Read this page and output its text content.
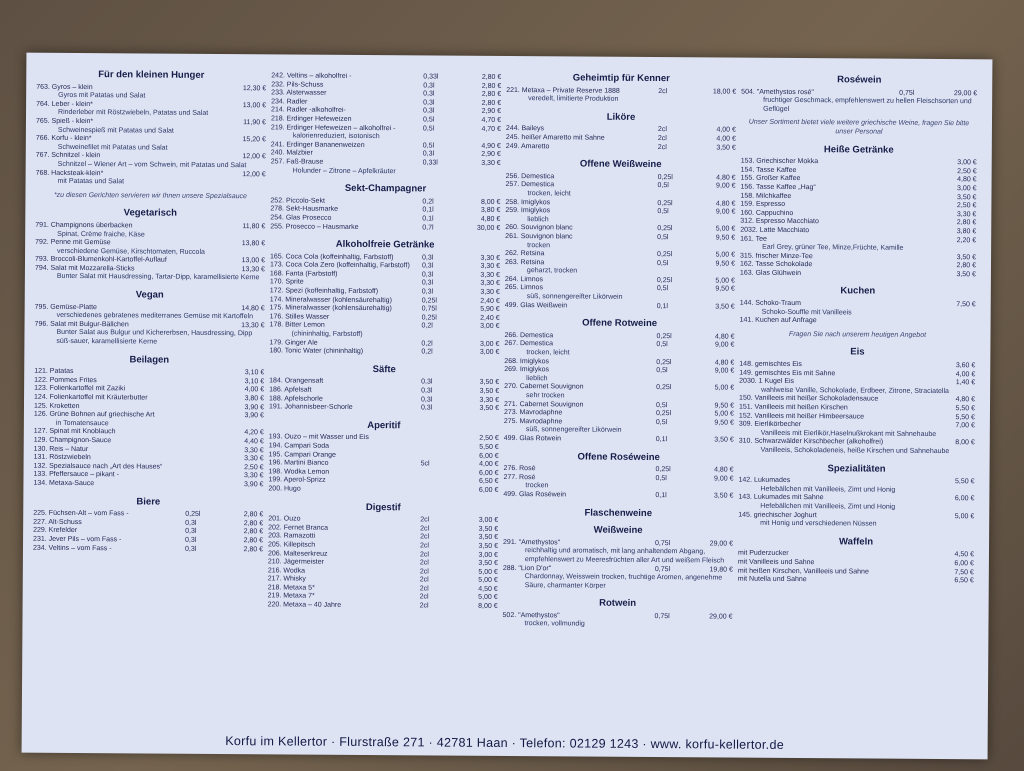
Für den kleinen Hunger
763. Gyros – klein	12,30 €
Gyros mit Patatas und Salat
764. Leber - klein*	13,00 €
Rinderleber mit Röstzwiebeln, Patatas und Salat
765. Spieß - klein*	11,90 €
Schweinespieß mit Patatas und Salat
766. Korfu - klein*	15,20 €
Schweinefilet mit Patatas und Salat
767. Schnitzel - klein	12,00 €
Schnitzel – Wiener Art – vom Schwein, mit Patatas und Salat
768. Hacksteak-klein*	12,00 €
mit Patatas und Salat
*zu diesen Gerichten servieren wir Ihnen unsere Spezialsauce
Vegetarisch
791. Champignons überbacken	11,80 €
Spinat, Crème fraiche, Käse
792. Penne mit Gemüse	13,80 €
verschiedene Gemüse, Kirschtomaten, Ruccola
793. Broccoli-Blumenkohl-Kartoffel-Auflauf	13,00 €
794. Salat mit Mozzarella-Sticks	13,30 €
Bunter Salat mit Hausdressing, Tartar-Dipp, karamellisierte Kerne
Vegan
795. Gemüse-Platte	14,80 €
verschiedenes gebratenes mediterranes Gemüse mit Kartoffeln
796. Salat mit Bulgur-Bällchen	13,30 €
Bunter Salat aus Bulgur und Kichererbsen, Hausdressing, Dipp süß-sauer, karamellisierte Kerne
Beilagen
121. Patatas	3,10 €
122. Pommes Frites	3,10 €
123. Folienkartoffel mit Zaziki	4,00 €
124. Folienkartoffel mit Kräuterbutter	3,80 €
125. Kroketten	3,90 €
126. Grüne Bohnen auf griechische Art	3,90 €
in Tomatensauce
127. Spinat mit Knoblauch	4,20 €
129. Champignon-Sauce	4,40 €
130. Reis – Natur	3,30 €
131. Röstzwiebeln	3,30 €
132. Spezialsauce nach „Art des Hauses“	2,50 €
133. Pfeffersauce – pikant -	3,30 €
134. Metaxa-Sauce	3,90 €
Biere
225. Füchsen-Alt – vom Fass -	0,25l	2,80 €
227. Alt-Schuss	0,3l	2,80 €
229. Krefelder	0,3l	2,80 €
231. Jever Pils – vom Fass -	0,3l	2,80 €
234. Veltins – vom Fass -	0,3l	2,80 €
242. Veltins – alkoholfrei -	0,33l	2,80 €
232. Pils-Schuss	0,3l	2,80 €
233. Alsterwasser	0,3l	2,80 €
234. Radler	0,3l	2,80 €
214. Radler -alkoholfrei-	0,3l	2,90 €
218. Erdinger Hefeweizen	0,5l	4,70 €
219. Erdinger Hefeweizen – alkoholfrei -	0,5l	4,70 €
kalorienreduziert, isotonisch
241. Erdinger Bananenweizen	0,5l	4,90 €
240. Malzbier	0,3l	2,90 €
257. Faß-Brause	0,33l	3,30 €
Holunder – Zitrone – Apfelkräuter
Sekt-Champagner
252. Piccolo-Sekt	0,2l	8,00 €
278. Sekt-Hausmarke	0,1l	3,80 €
254. Glas Prosecco	0,1l	4,80 €
255. Prosecco – Hausmarke	0,7l	30,00 €
Alkoholfreie Getränke
165. Coca Cola (koffeinhaltig, Farbstoff)	0,3l	3,30 €
173. Coca Cola Zero (koffeinhaltig, Farbstoff)	0,3l	3,30 €
168. Fanta (Farbstoff)	0,3l	3,30 €
170. Sprite	0,3l	3,30 €
172. Spezi (koffeinhaltig, Farbstoff)	0,3l	3,30 €
174. Mineralwasser (kohlensäurehaltig)	0,25l	2,40 €
175. Mineralwasser (kohlensäurehaltig)	0,75l	5,90 €
176. Stilles Wasser	0,25l	2,40 €
178. Bitter Lemon	0,2l	3,00 €
(chininhaltig, Farbstoff)
179. Ginger Ale	0,2l	3,00 €
180. Tonic Water (chininhaltig)	0,2l	3,00 €
Säfte
184. Orangensaft	0,3l	3,50 €
186. Apfelsaft	0,3l	3,50 €
188. Apfelschorle	0,3l	3,30 €
191. Johannisbeer-Schorle	0,3l	3,50 €
Aperitif
193. Ouzo – mit Wasser und Eis	2,50 €
194. Campari Soda	5,50 €
195. Campari Orange	6,00 €
196. Martini Bianco	5cl	4,00 €
198. Wodka Lemon	6,00 €
199. Aperol-Sprizz	6,50 €
200. Hugo	6,00 €
Digestif
201. Ouzo	2cl	3,00 €
202. Fernet Branca	2cl	3,50 €
203. Ramazotti	2cl	3,50 €
205. Killepitsch	2cl	3,50 €
206. Malteserkreuz	2cl	3,00 €
210. Jägermeister	2cl	3,50 €
216. Wodka	2cl	5,00 €
217. Whisky	2cl	5,00 €
218. Metaxa 5*	2cl	4,50 €
219. Metaxa 7*	2cl	5,00 €
220. Metaxa – 40 Jahre	2cl	8,00 €
Geheimtip für Kenner
221. Metaxa – Private Reserve 1888	2cl	18,00 €
veredelt, limitierte Produktion
Liköre
244. Baileys	2cl	4,00 €
245. heißer Amaretto mit Sahne	2cl	4,00 €
249. Amaretto	2cl	3,50 €
Offene Weißweine
256. Demestica	0,25l	4,80 €
257. Demestica	0,5l	9,00 €
trocken, leicht
258. Imiglykos	0,25l	4,80 €
259. Imiglykos	0,5l	9,00 €
lieblich
260. Souvignon blanc	0,25l	5,00 €
261. Souvignon blanc	0,5l	9,50 €
trocken
262. Retsina	0,25l	5,00 €
263. Retsina	0,5l	9,50 €
geharzt, trocken
264. Limnos	0,25l	5,00 €
265. Limnos	0,5l	9,50 €
süß, sonnengereifter Likörwein
499. Glas Weißwein	0,1l	3,50 €
Offene Rotweine
266. Demestica	0,25l	4,80 €
267. Demestica	0,5l	9,00 €
trocken, leicht
268. Imiglykos	0,25l	4,80 €
269. Imiglykos	0,5l	9,00 €
lieblich
270. Cabernet Souvignon	0,25l	5,00 €
sehr trocken
271. Cabernet Souvignon	0,5l	9,50 €
273. Mavrodaphne	0,25l	5,00 €
275. Mavrodaphne	0,5l	9,50 €
süß, sonnengereifter Likörwein
499. Glas Rotwein	0,1l	3,50 €
Offene Roséweine
276. Rosé	0,25l	4,80 €
277. Rosé	0,5l	9,00 €
trocken
499. Glas Roséwein	0,1l	3,50 €
Flaschenweine
Weißweine
291. "Amethystos"	0,75l	29,00 €
reichhaltig und aromatisch, mit lang anhaltendem Abgang, empfehlenswert zu Meeresfrüchten aller Art und weißem Fleisch
288. "Lion D'or"	0,75l	19,80 €
Chardonnay, Weisswein trocken, fruchtige Aromen, angenehme Säure, charmanter Körper
Rotwein
502. "Amethystos"	0,75l	29,00 €
trocken, vollmundig
Roséwein
504. "Amethystos rosé"	0,75l	29,00 €
fruchtiger Geschmack, empfehlenswert zu hellen Fleischsorten und Geflügel
Unser Sortiment bietet viele weitere griechische Weine, fragen Sie bitte unser Personal
Heiße Getränke
153. Griechischer Mokka	3,00 €
154. Tasse Kaffee	2,50 €
155. Großer Kaffee	4,80 €
156. Tasse Kaffee „Hag“	3,00 €
158. Milchkaffee	3,50 €
159. Espresso	2,50 €
160. Cappuchino	3,30 €
312. Espresso Macchiato	2,80 €
2032. Latte Macchiato	3,80 €
161. Tee	2,20 €
Earl Grey, grüner Tee, Minze,Früchte, Kamille
315. frischer Minze-Tee	3,50 €
162. Tasse Schokolade	2,80 €
163. Glas Glühwein	3,50 €
Kuchen
144. Schoko-Traum	7,50 €
Schoko-Souffle mit Vanilleeis
141. Kuchen auf Anfrage
Fragen Sie nach unserem heutigen Angebot
Eis
148. gemischtes Eis	3,60 €
149. gemischtes Eis mit Sahne	4,00 €
2030. 1 Kugel Eis	1,40 €
wahlweise Vanille, Schokolade, Erdbeer, Zitrone, Straciatella
150. Vanilleeis mit heißer Schokoladensauce	4,80 €
151. Vanilleeis mit heißen Kirschen	5,50 €
152. Vanilleeis mit heißer Himbeersauce	5,50 €
309. Eierlikörbecher	7,00 €
Vanilleeis mit Eierlikör,Haselnußkrokant mit Sahnehaube
310. Schwarzwälder Kirschbecher (alkoholfrei)	8,00 €
Vanilleeis, Schokoladeneis, heiße Kirschen und Sahnehaube
Spezialitäten
142. Lukumades	5,50 €
Hefebällchen mit Vanilleeis, Zimt und Honig
143. Lukumades mit Sahne	6,00 €
Hefebällchen mit Vanilleeis, Zimt und Honig
145. griechischer Joghurt	5,00 €
mit Honig und verschiedenen Nüssen
Waffeln
mit Puderzucker	4,50 €
mit Vanilleeis und Sahne	6,00 €
mit heißen Kirschen, Vanilleeis und Sahne	7,50 €
mit Nutella und Sahne	6,50 €
Korfu im Kellertor · Flurstraße 271 · 42781 Haan · Telefon: 02129 1243 · www. korfu-kellertor.de
